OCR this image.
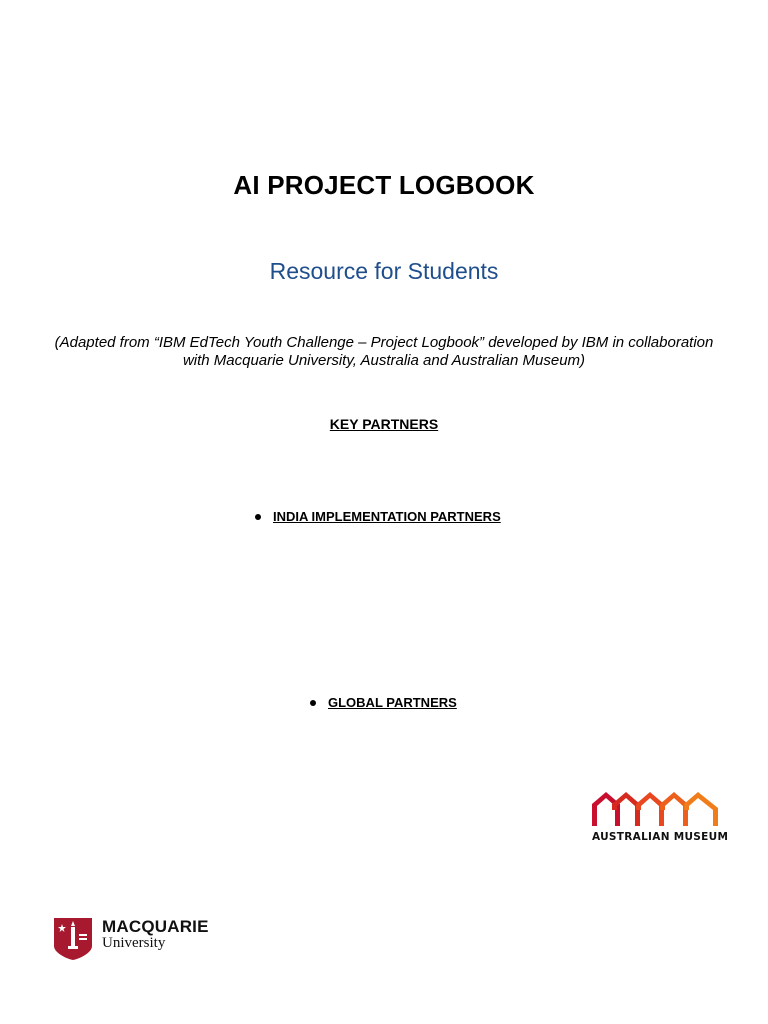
AI PROJECT LOGBOOK
Resource for Students
(Adapted from “IBM EdTech Youth Challenge – Project Logbook” developed by IBM in collaboration
with Macquarie University, Australia and Australian Museum)
KEY PARTNERS
INDIA IMPLEMENTATION PARTNERS
GLOBAL PARTNERS
AUSTRALIAN MUSEUM
MACQUARIE
University
